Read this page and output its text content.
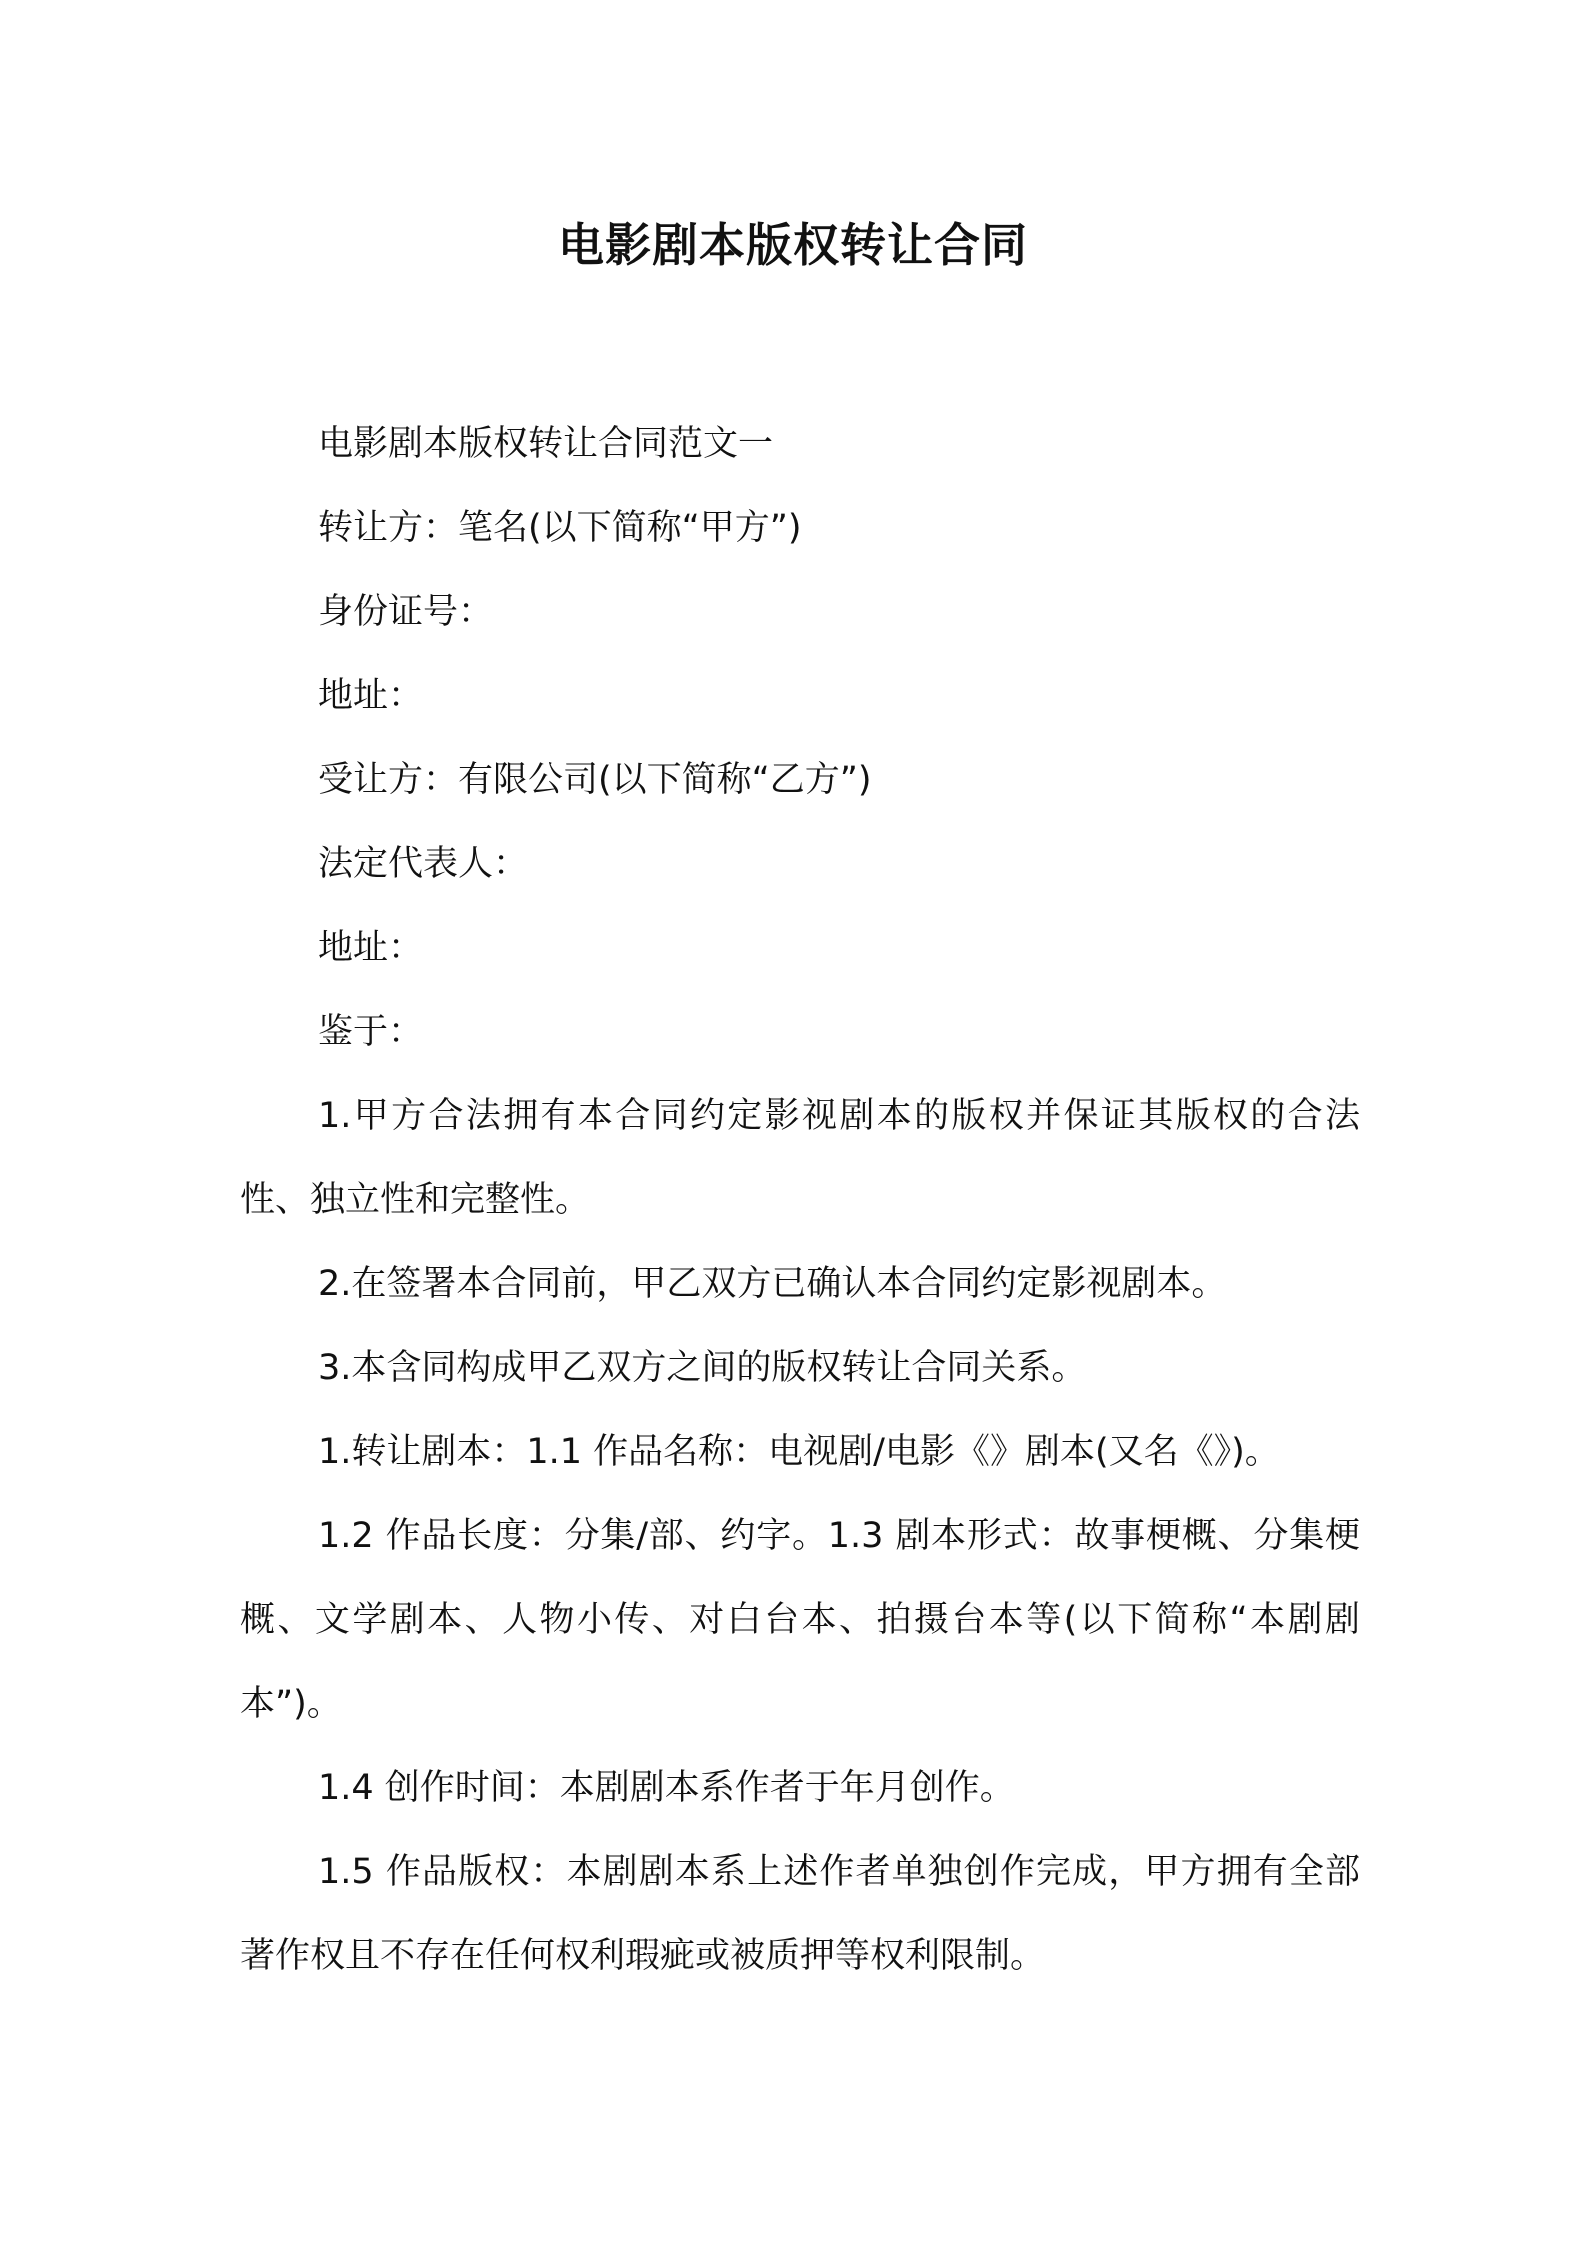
电影剧本版权转让合同

电影剧本版权转让合同范文一

转让方：笔名(以下简称“甲方”)

身份证号：

地址：

受让方：有限公司(以下简称“乙方”)

法定代表人：

地址：

鉴于：

1.甲方合法拥有本合同约定影视剧本的版权并保证其版权的合法性、独立性和完整性。

2.在签署本合同前，甲乙双方已确认本合同约定影视剧本。

3.本含同构成甲乙双方之间的版权转让合同关系。

1.转让剧本：1.1 作品名称：电视剧/电影《》剧本(又名《》)。

1.2 作品长度：分集/部、约字。1.3 剧本形式：故事梗概、分集梗概、文学剧本、人物小传、对白台本、拍摄台本等(以下简称“本剧剧本”)。

1.4 创作时间：本剧剧本系作者于年月创作。

1.5 作品版权：本剧剧本系上述作者单独创作完成，甲方拥有全部著作权且不存在任何权利瑕疵或被质押等权利限制。
